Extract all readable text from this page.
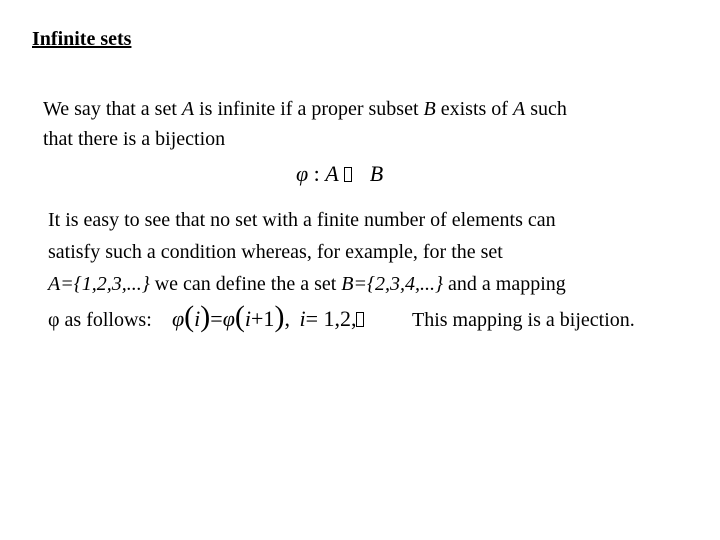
Infinite sets
We say that a set A is infinite if a proper subset B exists of A such
that there is a bijection
φ : A B
It is easy to see that no set with a finite number of elements can
satisfy such a condition whereas, for example, for the set
A={1,2,3,...} we can define the a set B={2,3,4,...} and a mapping
φ as follows: φ(i)=φ(i+1), i= 1,2,	This mapping is a bijection.
